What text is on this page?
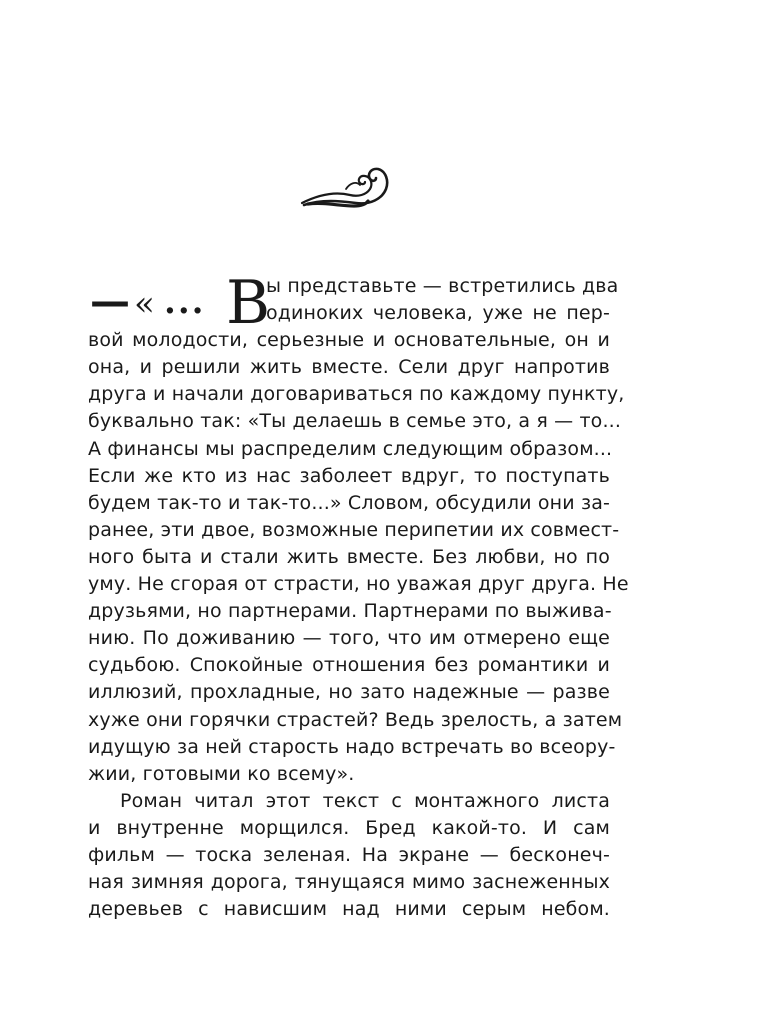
— « ... В
ы представьте — встретились два
одиноких человека, уже не пер-
вой молодости, серьезные и основательные, он и
она, и решили жить вместе. Сели друг напротив
друга и начали договариваться по каждому пункту,
буквально так: «Ты делаешь в семье это, а я — то...
А финансы мы распределим следующим образом...
Если же кто из нас заболеет вдруг, то поступать
будем так-то и так-то...» Словом, обсудили они за-
ранее, эти двое, возможные перипетии их совмест-
ного быта и стали жить вместе. Без любви, но по
уму. Не сгорая от страсти, но уважая друг друга. Не
друзьями, но партнерами. Партнерами по выжива-
нию. По доживанию — того, что им отмерено еще
судьбою. Спокойные отношения без романтики и
иллюзий, прохладные, но зато надежные — разве
хуже они горячки страстей? Ведь зрелость, а затем
идущую за ней старость надо встречать во всеору-
жии, готовыми ко всему».
Роман читал этот текст с монтажного листа
и внутренне морщился. Бред какой-то. И сам
фильм — тоска зеленая. На экране — бесконеч-
ная зимняя дорога, тянущаяся мимо заснеженных
деревьев с нависшим над ними серым небом.
